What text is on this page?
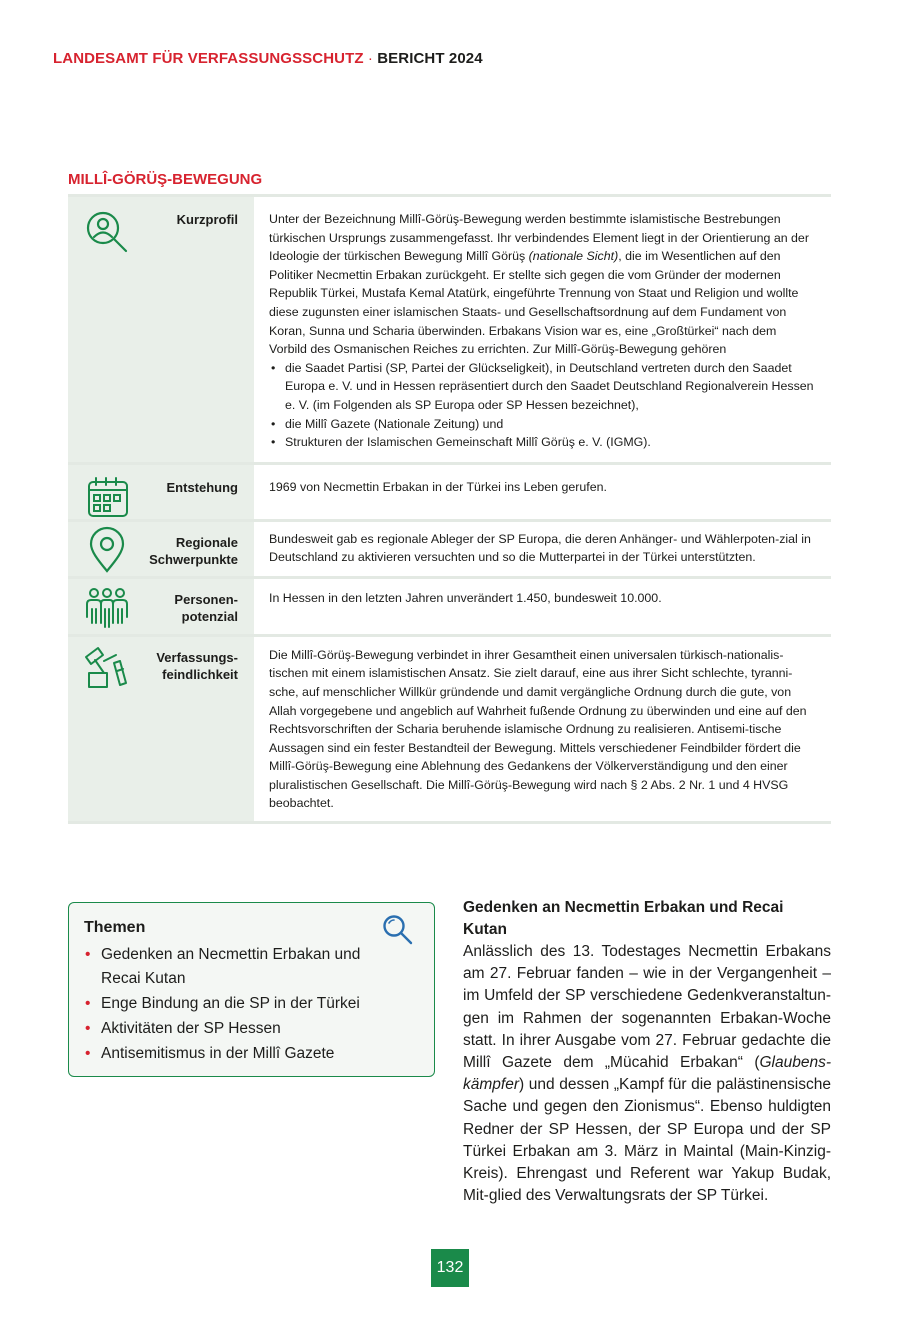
LANDESAMT FÜR VERFASSUNGSSCHUTZ · BERICHT 2024
MILLÎ-GÖRÜŞ-BEWEGUNG
Kurzprofil	Unter der Bezeichnung Millî-Görüş-Bewegung werden bestimmte islamistische Bestrebungen türkischen Ursprungs zusammengefasst. Ihr verbindendes Element liegt in der Orientierung an der Ideologie der türkischen Bewegung Millî Görüş (nationale Sicht), die im Wesentlichen auf den Politiker Necmettin Erbakan zurückgeht. Er stellte sich gegen die vom Gründer der modernen Republik Türkei, Mustafa Kemal Atatürk, eingeführte Trennung von Staat und Religion und wollte diese zugunsten einer islamischen Staats- und Gesellschaftsordnung auf dem Fundament von Koran, Sunna und Scharia überwinden. Erbakans Vision war es, eine „Großtürkei“ nach dem Vorbild des Osmanischen Reiches zu errichten. Zur Millî-Görüş-Bewegung gehören
• die Saadet Partisi (SP, Partei der Glückseligkeit), in Deutschland vertreten durch den Saadet Europa e. V. und in Hessen repräsentiert durch den Saadet Deutschland Regionalverein Hessen e. V. (im Folgenden als SP Europa oder SP Hessen bezeichnet),
• die Millî Gazete (Nationale Zeitung) und
• Strukturen der Islamischen Gemeinschaft Millî Görüş e. V. (IGMG).
Entstehung	1969 von Necmettin Erbakan in der Türkei ins Leben gerufen.
Regionale
Schwerpunkte
Bundesweit gab es regionale Ableger der SP Europa, die deren Anhänger- und Wählerpoten-zial in Deutschland zu aktivieren versuchten und so die Mutterpartei in der Türkei unterstützten.
Personen-
potenzial
In Hessen in den letzten Jahren unverändert 1.450, bundesweit 10.000.
Verfassungs-
feindlichkeit
Die Millî-Görüş-Bewegung verbindet in ihrer Gesamtheit einen universalen türkisch-nationalis-tischen mit einem islamistischen Ansatz. Sie zielt darauf, eine aus ihrer Sicht schlechte, tyranni-sche, auf menschlicher Willkür gründende und damit vergängliche Ordnung durch die gute, von Allah vorgegebene und angeblich auf Wahrheit fußende Ordnung zu überwinden und eine auf den Rechtsvorschriften der Scharia beruhende islamische Ordnung zu realisieren. Antisemi-tische Aussagen sind ein fester Bestandteil der Bewegung. Mittels verschiedener Feindbilder fördert die Millî-Görüş-Bewegung eine Ablehnung des Gedankens der Völkerverständigung und den einer pluralistischen Gesellschaft. Die Millî-Görüş-Bewegung wird nach § 2 Abs. 2 Nr. 1 und 4 HVSG beobachtet.
Themen
• Gedenken an Necmettin Erbakan und Recai Kutan
• Enge Bindung an die SP in der Türkei
• Aktivitäten der SP Hessen
• Antisemitismus in der Millî Gazete
Gedenken an Necmettin Erbakan und Recai Kutan

Anlässlich des 13. Todestages Necmettin Erbakans am 27. Februar fanden – wie in der Vergangenheit – im Umfeld der SP verschiedene Gedenkveranstaltun-gen im Rahmen der sogenannten Erbakan-Woche statt. In ihrer Ausgabe vom 27. Februar gedachte die Millî Gazete dem „Mücahid Erbakan“ (Glaubens-kämpfer) und dessen „Kampf für die palästinensische Sache und gegen den Zionismus“. Ebenso huldigten Redner der SP Hessen, der SP Europa und der SP Türkei Erbakan am 3. März in Maintal (Main-Kinzig-Kreis). Ehrengast und Referent war Yakup Budak, Mit-glied des Verwaltungsrats der SP Türkei.

132
